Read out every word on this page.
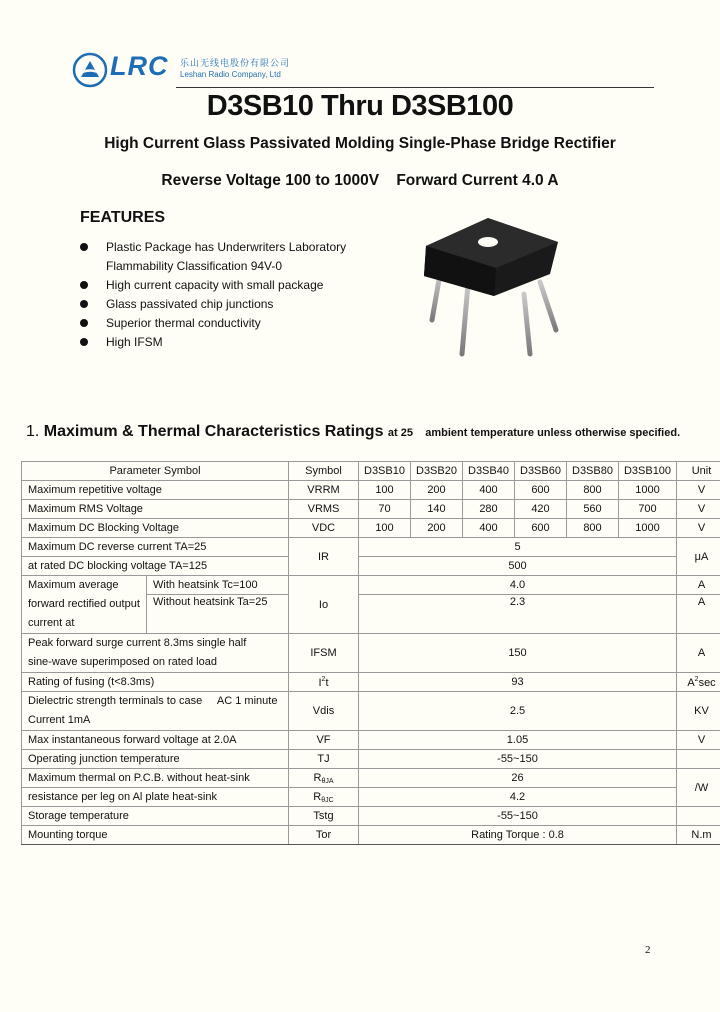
LRC 乐山无线电股份有限公司
Leshan Radio Company, Ltd
D3SB10 Thru D3SB100
High Current Glass Passivated Molding Single-Phase Bridge Rectifier
Reverse Voltage 100 to 1000V    Forward Current 4.0 A
FEATURES
Plastic Package has Underwriters Laboratory
Flammability Classification 94V-0
High current capacity with small package
Glass passivated chip junctions
Superior thermal conductivity
High IFSM
1. Maximum & Thermal Characteristics Ratings at 25    ambient temperature unless otherwise specified.
Parameter Symbol		Symbol	D3SB10	D3SB20	D3SB40	D3SB60	D3SB80	D3SB100	Unit
Maximum repetitive voltage		VRRM	100	200	400	600	800	1000	V
Maximum RMS Voltage		VRMS	70	140	280	420	560	700	V
Maximum DC Blocking Voltage		VDC	100	200	400	600	800	1000	V
Maximum DC reverse current TA=25		IR	5						μA
at rated DC blocking voltage TA=125			500						

Maximum average
forward rectified output
current at	With heatsink Tc=100	Io	4.0						A
	Without heatsink Ta=25		2.3						A

Peak forward surge current 8.3ms single half
sine-wave superimposed on rated load		IFSM	150						A
Rating of fusing (t<8.3ms)		$I^2t$	93						$A^2\sec$

Dielectric strength terminals to case     AC 1 minute
Current 1mA		Vdis	2.5						KV
Max instantaneous forward voltage at 2.0A		VF	1.05						V
Operating junction temperature		TJ	-55~150						
Maximum thermal on P.C.B. without heat-sink		$R_{\theta JA}$	26						/W
resistance per leg on Al plate heat-sink		$R_{\theta JC}$	4.2						
Storage temperature		Tstg	-55~150						
Mounting torque		Tor	Rating Torque : 0.8						N.m
2
